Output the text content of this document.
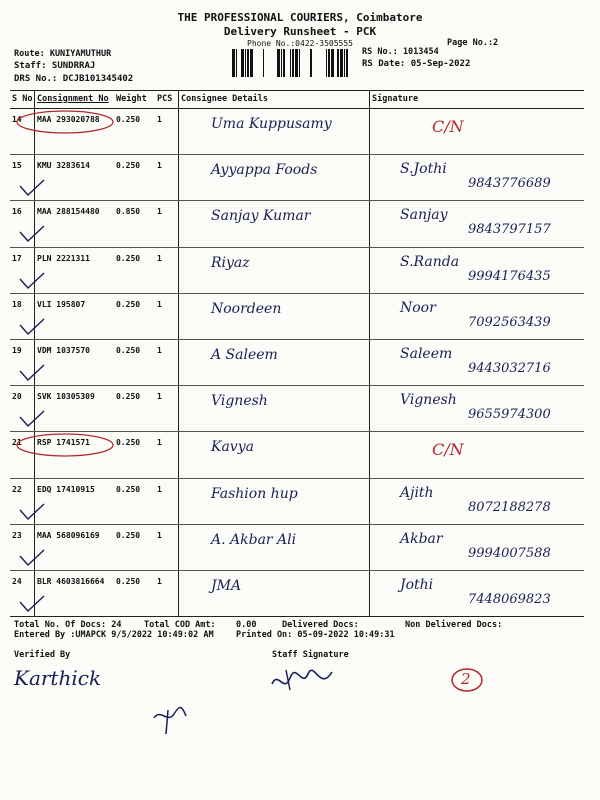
THE PROFESSIONAL COURIERS, Coimbatore
Delivery Runsheet - PCK
Phone No.:0422-3505555	Page No.:2
Route: KUNIYAMUTHUR
Staff: SUNDRRAJ
DRS No.: DCJB101345402
RS No.: 1013454
RS Date: 05-Sep-2022
S No Consignment No Weight PCS Consignee Details	Signature
14 MAA 293020788 0.250 1	Uma Kuppusamy	C/N
15 KMU 3283614	0.250 1	Ayyappa Foods	S.Jothi
9843776689
16 MAA 288154480 0.850 1	Sanjay Kumar	Sanjay
9843797157
17 PLN 2221311	0.250 1	Riyaz	S.Randa
9994176435
18 VLI 195807	0.250 1	Noordeen	Noor
7092563439
19 VDM 1037570	0.250 1	A Saleem	Saleem
9443032716
20 SVK 10305309	0.250 1	Vignesh	Vignesh
9655974300
21 RSP 1741571	0.250 1	Kavya	C/N
22 EDQ 17410915	0.250 1	Fashion hup	Ajith
8072188278
23 MAA 568096169 0.250 1	A. Akbar Ali	Akbar
9994007588
24 BLR 4603816664 0.250 1	JMA	Jothi
7448069823
Total No. Of Docs: 24	Total COD Amt: 0.00	Delivered Docs:	Non Delivered Docs:
Entered By :UMAPCK 9/5/2022 10:49:02 AM	Printed On: 05-09-2022 10:49:31
Verified By	Staff Signature
Karthick	2
